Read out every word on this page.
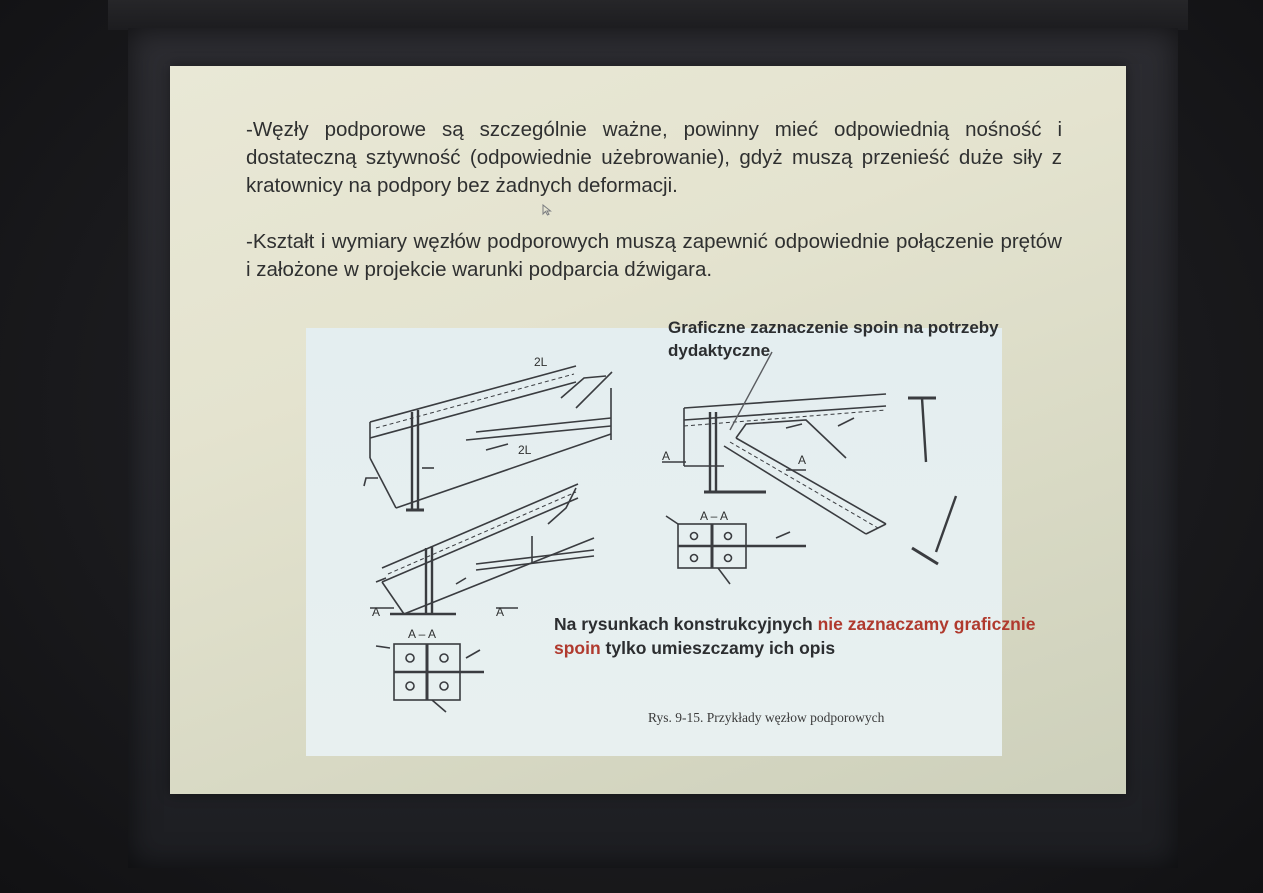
-Węzły podporowe są szczególnie ważne, powinny mieć odpowiednią nośność i dostateczną sztywność (odpowiednie użebrowanie), gdyż muszą przenieść duże siły z kratownicy na podpory bez żadnych deformacji.
-Kształt i wymiary węzłów podporowych muszą zapewnić odpowiednie połączenie prętów i założone w projekcie warunki podparcia dźwigara.
2L
2L
A	A
A – A
A	A
A – A
Graficzne zaznaczenie spoin na potrzeby dydaktyczne
Na rysunkach konstrukcyjnych nie zaznaczamy graficznie spoin tylko umieszczamy ich opis
Rys. 9-15. Przykłady węzłow podporowych
